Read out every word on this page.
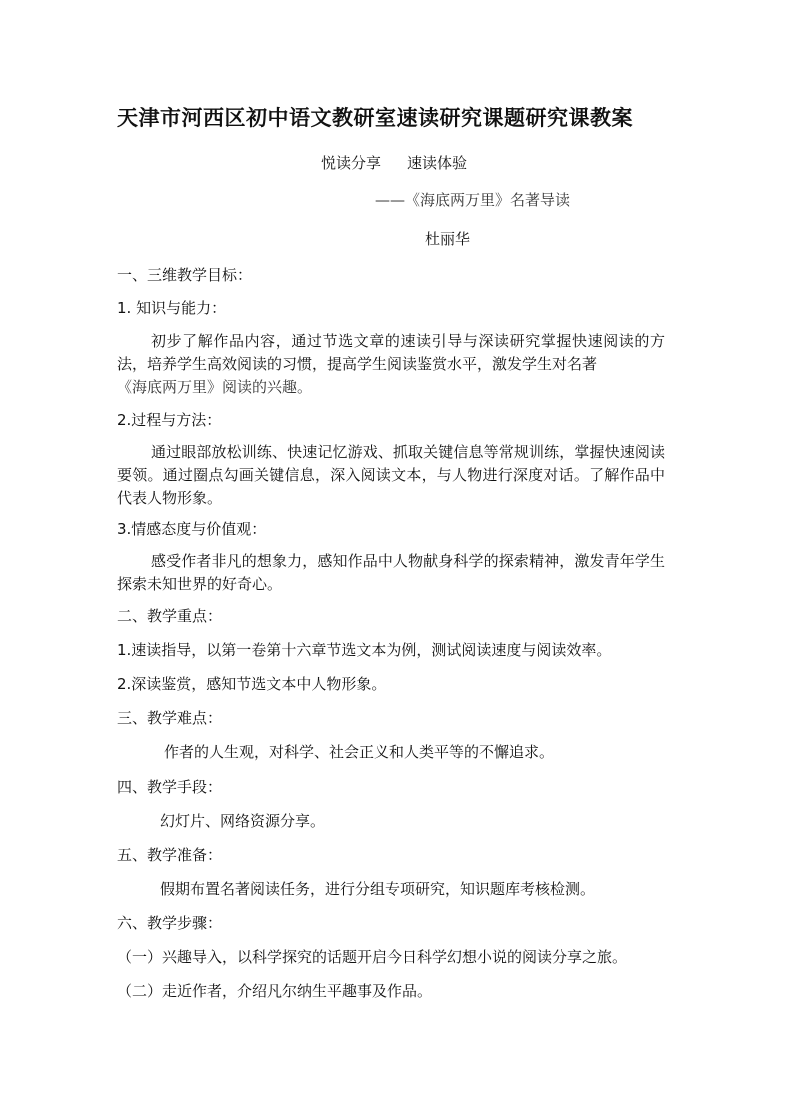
天津市河西区初中语文教研室速读研究课题研究课教案
悦读分享 速读体验
——《海底两万里》名著导读
杜丽华
一、三维教学目标：
1. 知识与能力：
初步了解作品内容，通过节选文章的速读引导与深读研究掌握快速阅读的方法，培养学生高效阅读的习惯，提高学生阅读鉴赏水平，激发学生对名著
《海底两万里》阅读的兴趣。
2.过程与方法：
通过眼部放松训练、快速记忆游戏、抓取关键信息等常规训练，掌握快速阅读要领。通过圈点勾画关键信息，深入阅读文本，与人物进行深度对话。了解作品中代表人物形象。
3.情感态度与价值观：
感受作者非凡的想象力，感知作品中人物献身科学的探索精神，激发青年学生探索未知世界的好奇心。
二、教学重点：
1.速读指导，以第一卷第十六章节选文本为例，测试阅读速度与阅读效率。
2.深读鉴赏，感知节选文本中人物形象。
三、教学难点：
作者的人生观，对科学、社会正义和人类平等的不懈追求。
四、教学手段：
幻灯片、网络资源分享。
五、教学准备：
假期布置名著阅读任务，进行分组专项研究，知识题库考核检测。
六、教学步骤：
（一）兴趣导入，以科学探究的话题开启今日科学幻想小说的阅读分享之旅。
（二）走近作者，介绍凡尔纳生平趣事及作品。
